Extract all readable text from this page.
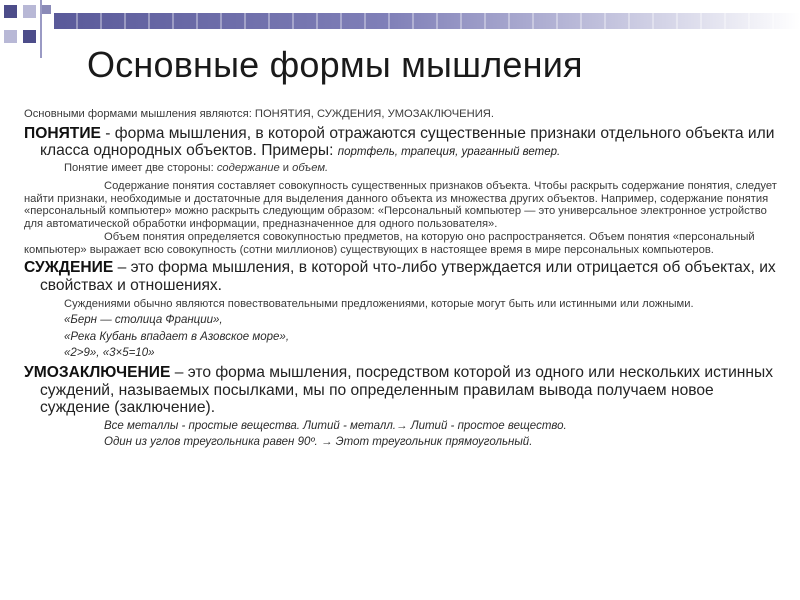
Основные формы мышления

Основными формами мышления являются: ПОНЯТИЯ, СУЖДЕНИЯ, УМОЗАКЛЮЧЕНИЯ.

ПОНЯТИЕ - форма мышления, в которой отражаются существенные признаки отдельного объекта или класса однородных объектов. Примеры: портфель, трапеция, ураганный ветер.

Понятие имеет две стороны: содержание и объем.

Содержание понятия составляет совокупность существенных признаков объекта. Чтобы раскрыть содержание понятия, следует найти признаки, необходимые и достаточные для выделения данного объекта из множества других объектов. Например, содержание понятия «персональный компьютер» можно раскрыть следующим образом: «Персональный компьютер — это универсальное электронное устройство для автоматической обработки информации, предназначенное для одного пользователя».

Объем понятия определяется совокупностью предметов, на которую оно распространяется. Объем понятия «персональный компьютер» выражает всю совокупность (сотни миллионов) существующих в настоящее время в мире персональных компьютеров.

СУЖДЕНИЕ – это форма мышления, в которой что-либо утверждается или отрицается об объектах, их свойствах и отношениях.

Суждениями обычно являются повествовательными предложениями, которые могут быть или истинными или ложными.

«Берн — столица Франции»,

«Река Кубань впадает в Азовское море»,

«2>9», «3×5=10»

УМОЗАКЛЮЧЕНИЕ – это форма мышления, посредством которой из одного или нескольких истинных суждений, называемых посылками, мы по определенным правилам вывода получаем новое суждение (заключение).

Все металлы - простые вещества. Литий - металл.→ Литий - простое вещество.

Один из углов треугольника равен 90º. → Этот треугольник прямоугольный.
